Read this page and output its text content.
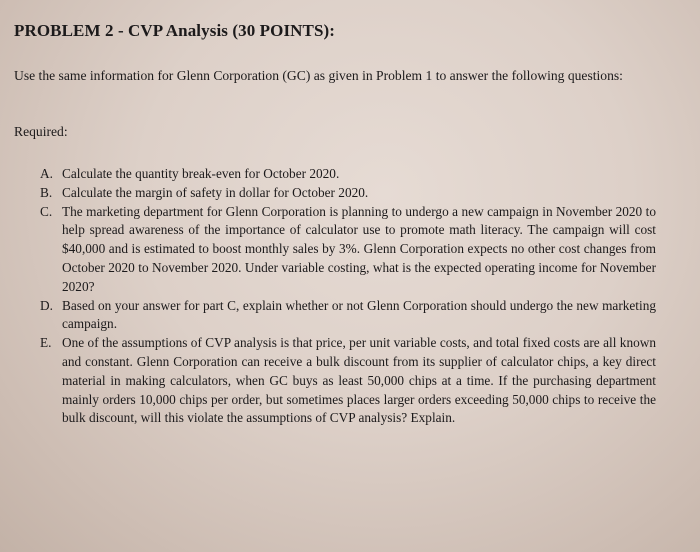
PROBLEM 2 - CVP Analysis (30 POINTS):
Use the same information for Glenn Corporation (GC) as given in Problem 1 to answer the following questions:
Required:
A. Calculate the quantity break-even for October 2020.
B. Calculate the margin of safety in dollar for October 2020.
C. The marketing department for Glenn Corporation is planning to undergo a new campaign in November 2020 to help spread awareness of the importance of calculator use to promote math literacy. The campaign will cost $40,000 and is estimated to boost monthly sales by 3%. Glenn Corporation expects no other cost changes from October 2020 to November 2020. Under variable costing, what is the expected operating income for November 2020?
D. Based on your answer for part C, explain whether or not Glenn Corporation should undergo the new marketing campaign.
E. One of the assumptions of CVP analysis is that price, per unit variable costs, and total fixed costs are all known and constant. Glenn Corporation can receive a bulk discount from its supplier of calculator chips, a key direct material in making calculators, when GC buys as least 50,000 chips at a time. If the purchasing department mainly orders 10,000 chips per order, but sometimes places larger orders exceeding 50,000 chips to receive the bulk discount, will this violate the assumptions of CVP analysis? Explain.
